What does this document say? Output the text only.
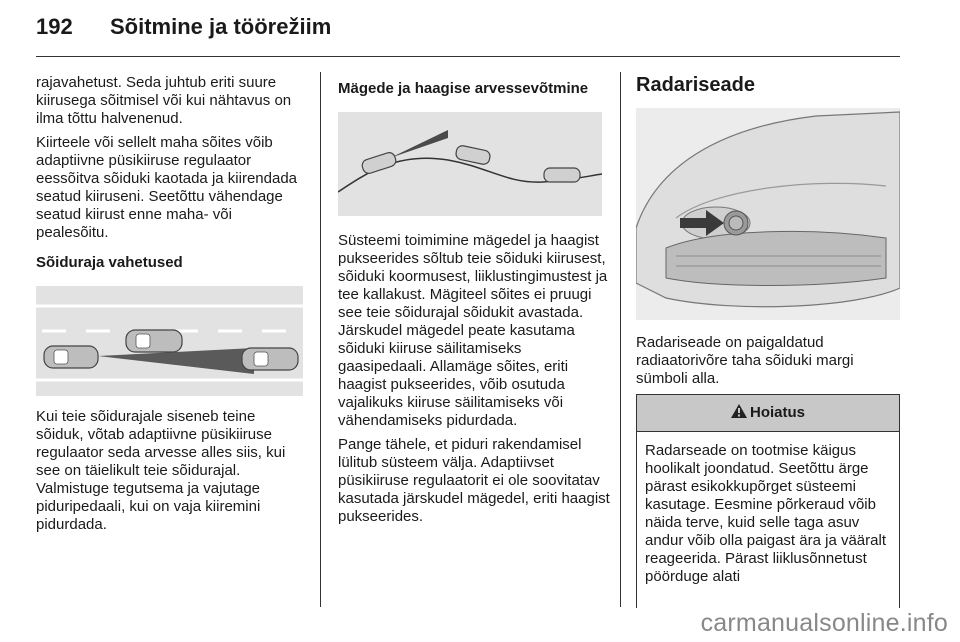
192 Sõitmine ja töörežiim

rajavahetust. Seda juhtub eriti suure kiirusega sõitmisel või kui nähtavus on ilma tõttu halvenenud.

Kiirteele või sellelt maha sõites võib adaptiivne püsikiiruse regulaator eessõitva sõiduki kaotada ja kiirendada seatud kiiruseni. Seetõttu vähendage seatud kiirust enne maha- või pealesõitu.

Sõiduraja vahetused

Kui teie sõidurajale siseneb teine sõiduk, võtab adaptiivne püsikiiruse regulaator seda arvesse alles siis, kui see on täielikult teie sõidurajal. Valmistuge tegutsema ja vajutage piduripedaali, kui on vaja kiiremini pidurdada.

Mägede ja haagise arvessevõtmine

Süsteemi toimimine mägedel ja haagist pukseerides sõltub teie sõiduki kiirusest, sõiduki koormusest, liiklustingimustest ja tee kallakust. Mägiteel sõites ei pruugi see teie sõidurajal sõidukit avastada. Järskudel mägedel peate kasutama sõiduki kiiruse säilitamiseks gaasipedaali. Allamäge sõites, eriti haagist pukseerides, võib osutuda vajalikuks kiiruse säilitamiseks või vähendamiseks pidurdada.

Pange tähele, et piduri rakendamisel lülitub süsteem välja. Adaptiivset püsikiiruse regulaatorit ei ole soovitatav kasutada järskudel mägedel, eriti haagist pukseerides.

Radariseade

Radariseade on paigaldatud radiaatorivõre taha sõiduki margi sümboli alla.

Hoiatus
Radarseade on tootmise käigus hoolikalt joondatud. Seetõttu ärge pärast esikokkupõrget süsteemi kasutage. Eesmine põrkeraud võib näida terve, kuid selle taga asuv andur võib olla paigast ära ja vääralt reageerida. Pärast liiklusõnnetust pöörduge alati
carmanualsonline.info
